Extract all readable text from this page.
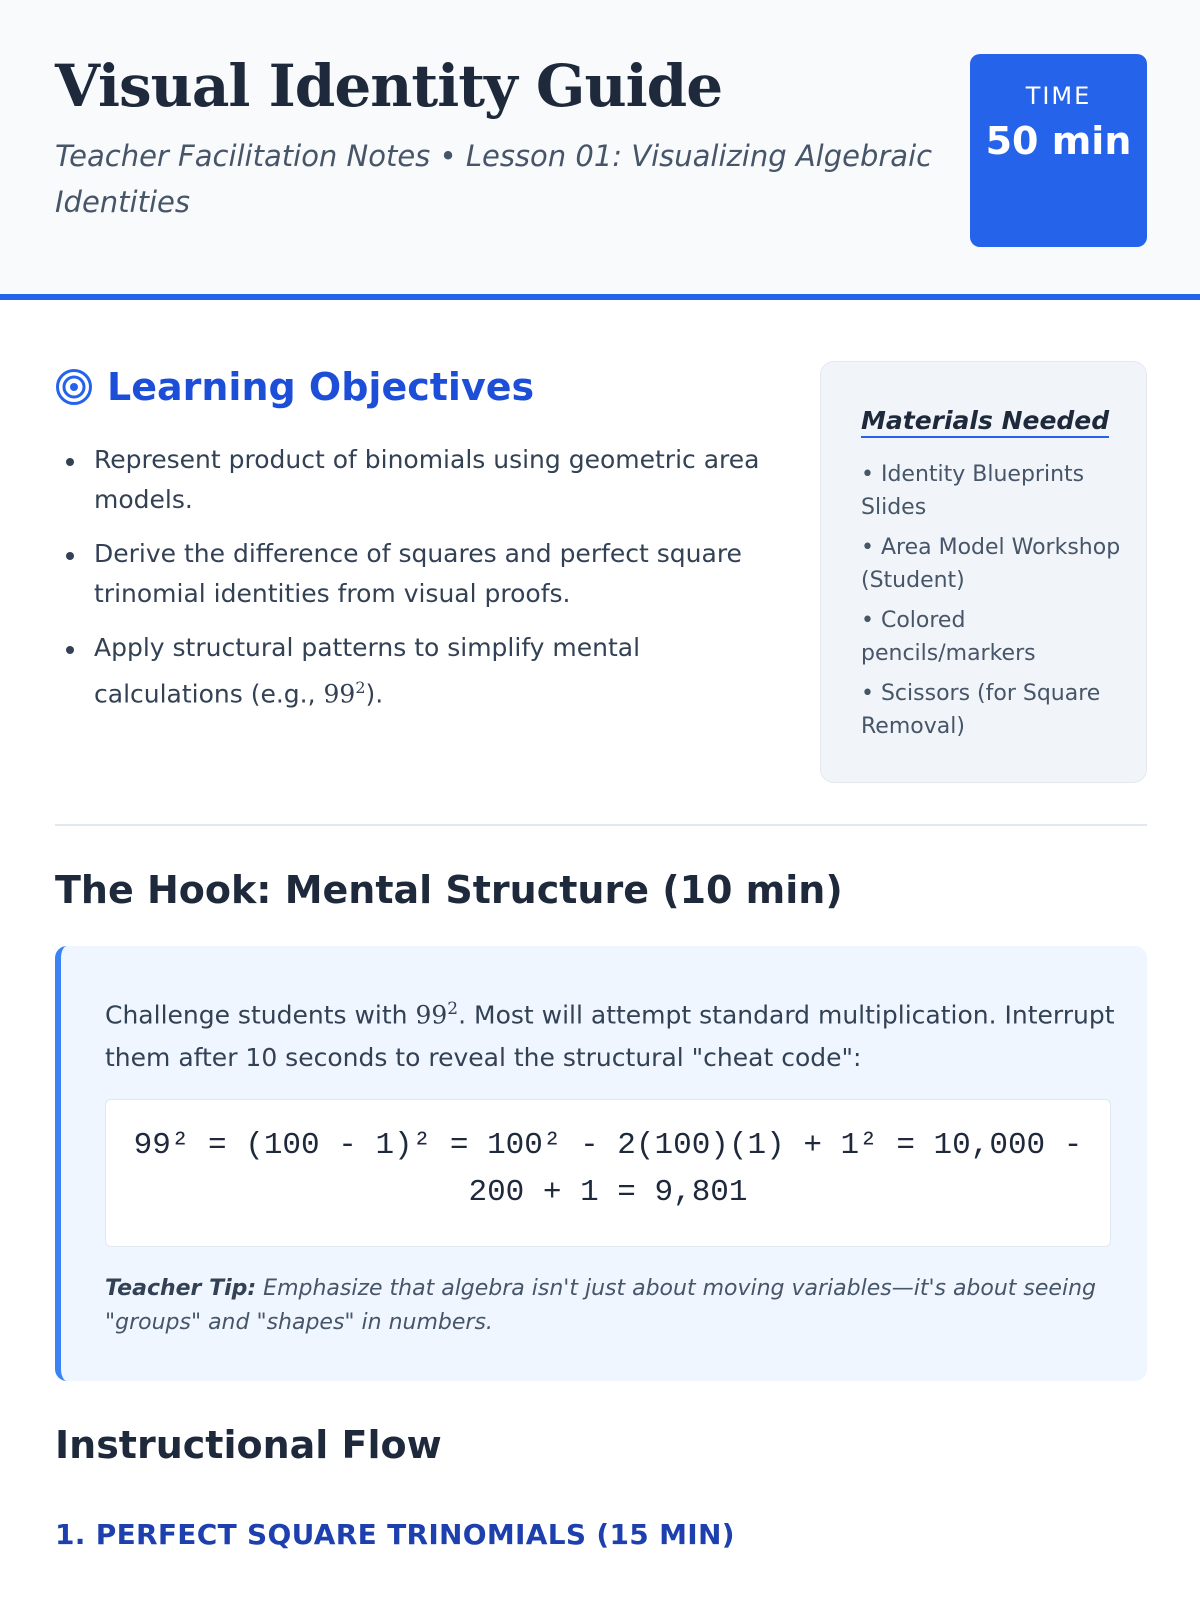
Visual Identity Guide
Teacher Facilitation Notes • Lesson 01: Visualizing Algebraic Identities
TIME
50 min
Learning Objectives
Represent product of binomials using geometric area models.
Derive the difference of squares and perfect square trinomial identities from visual proofs.
Apply structural patterns to simplify mental calculations (e.g., $99^2$).
Materials Needed
• Identity Blueprints Slides
• Area Model Workshop (Student)
• Colored pencils/markers
• Scissors (for Square Removal)
The Hook: Mental Structure (10 min)
Challenge students with $99^2$. Most will attempt standard multiplication. Interrupt them after 10 seconds to reveal the structural "cheat code":
99² = (100 - 1)² = 100² - 2(100)(1) + 1² = 10,000 - 200 + 1 = 9,801
Teacher Tip: Emphasize that algebra isn't just about moving variables—it's about seeing "groups" and "shapes" in numbers.
Instructional Flow
1. PERFECT SQUARE TRINOMIALS (15 MIN)
